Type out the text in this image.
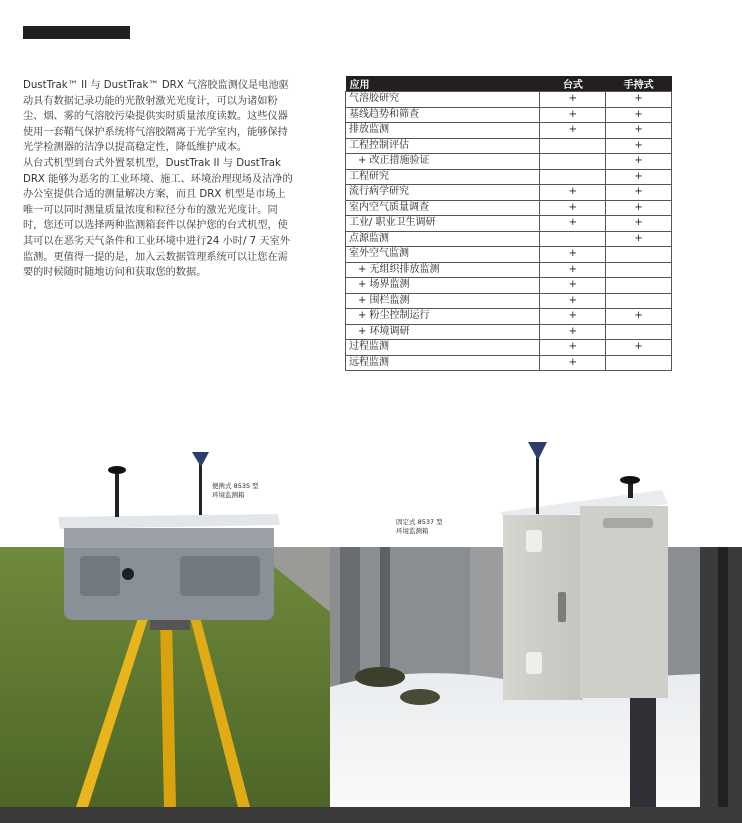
DustTrak™ II 与 DustTrak™ DRX 气溶胶监测仪是电池驱动具有数据记录功能的光散射激光光度计，可以为诸如粉尘、烟、雾的气溶胶污染提供实时质量浓度读数。这些仪器使用一套鞘气保护系统将气溶胶隔离于光学室内，能够保持光学检测器的洁净以提高稳定性，降低维护成本。

从台式机型到台式外置泵机型，DustTrak II 与 DustTrak DRX 能够为恶劣的工业环境、施工、环境治理现场及洁净的办公室提供合适的测量解决方案，而且 DRX 机型是市场上唯一可以同时测量质量浓度和粒径分布的激光光度计。同时，您还可以选择两种监测箱套件以保护您的台式机型，使其可以在恶劣天气条件和工业环境中进行24 小时/ 7 天室外监测。更值得一提的是，加入云数据管理系统可以让您在需要的时候随时随地访问和获取您的数据。

应用	台式	手持式
气溶胶研究	+	+
基线趋势和筛查	+	+
排放监测	+	+
工程控制评估		+
+ 改正措施验证		+
工程研究		+
流行病学研究	+	+
室内空气质量调查	+	+
工业/ 职业卫生调研	+	+
点源监测		+
室外空气监测	+	
+ 无组织排放监测	+	
+ 场界监测	+	
+ 围栏监测	+	
+ 粉尘控制运行	+	+
+ 环境调研	+	
过程监测	+	+
远程监测	+	
便携式 8535 型
环境监测箱
固定式 8537 型
环境监测箱
